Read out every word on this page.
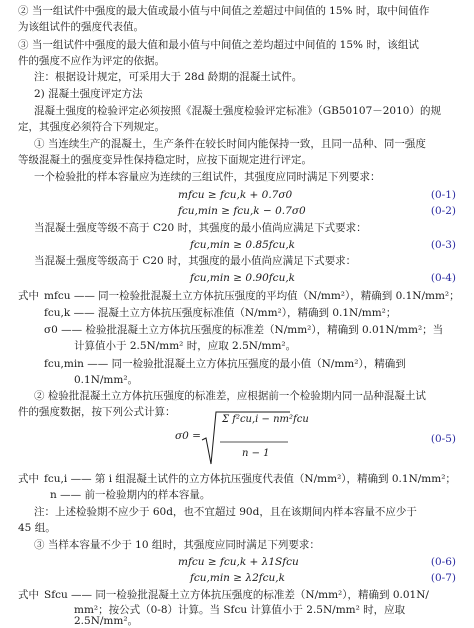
② 当一组试件中强度的最大值或最小值与中间值之差超过中间值的 15% 时，取中间值作
为该组试件的强度代表值。
③ 当一组试件中强度的最大值和最小值与中间值之差均超过中间值的 15% 时，该组试
件的强度不应作为评定的依据。
注：根据设计规定，可采用大于 28d 龄期的混凝土试件。
2) 混凝土强度评定方法
混凝土强度的检验评定必须按照《混凝土强度检验评定标准》（GB50107－2010）的规
定，其强度必须符合下列规定。
① 当连续生产的混凝土，生产条件在较长时间内能保持一致，且同一品种、同一强度
等级混凝土的强度变异性保持稳定时，应按下面规定进行评定。
一个检验批的样本容量应为连续的三组试件，其强度应同时满足下列要求：
mfcu ≥ fcu,k + 0.7σ0	(0-1)
fcu,min ≥ fcu,k − 0.7σ0	(0-2)
当混凝土强度等级不高于 C20 时，其强度的最小值尚应满足下式要求：
fcu,min ≥ 0.85fcu,k	(0-3)
当混凝土强度等级高于 C20 时，其强度的最小值尚应满足下式要求：
fcu,min ≥ 0.90fcu,k	(0-4)
式中 mfcu —— 同一检验批混凝土立方体抗压强度的平均值（N/mm²），精确到 0.1N/mm²；
fcu,k —— 混凝土立方体抗压强度标准值（N/mm²），精确到 0.1N/mm²；
σ0 —— 检验批混凝土立方体抗压强度的标准差（N/mm²），精确到 0.01N/mm²；当
计算值小于 2.5N/mm² 时，应取 2.5N/mm²。
fcu,min —— 同一检验批混凝土立方体抗压强度的最小值（N/mm²），精确到
0.1N/mm²。
② 检验批混凝土立方体抗压强度的标准差，应根据前一个检验期内同一品种混凝土试
件的强度数据，按下列公式计算：
σ0 =
Σ f²cu,i − nm²fcu
n − 1
(0-5)
式中 fcu,i —— 第 i 组混凝土试件的立方体抗压强度代表值（N/mm²），精确到 0.1N/mm²；
n —— 前一检验期内的样本容量。
注：上述检验期不应少于 60d，也不宜超过 90d，且在该期间内样本容量不应少于
45 组。
③ 当样本容量不少于 10 组时，其强度应同时满足下列要求：
mfcu ≥ fcu,k + λ1Sfcu	(0-6)
fcu,min ≥ λ2fcu,k	(0-7)
式中 Sfcu —— 同一检验批混凝土立方体抗压强度的标准差（N/mm²），精确到 0.01N/
mm²；按公式（0-8）计算。当 Sfcu 计算值小于 2.5N/mm² 时，应取
2.5N/mm²。
